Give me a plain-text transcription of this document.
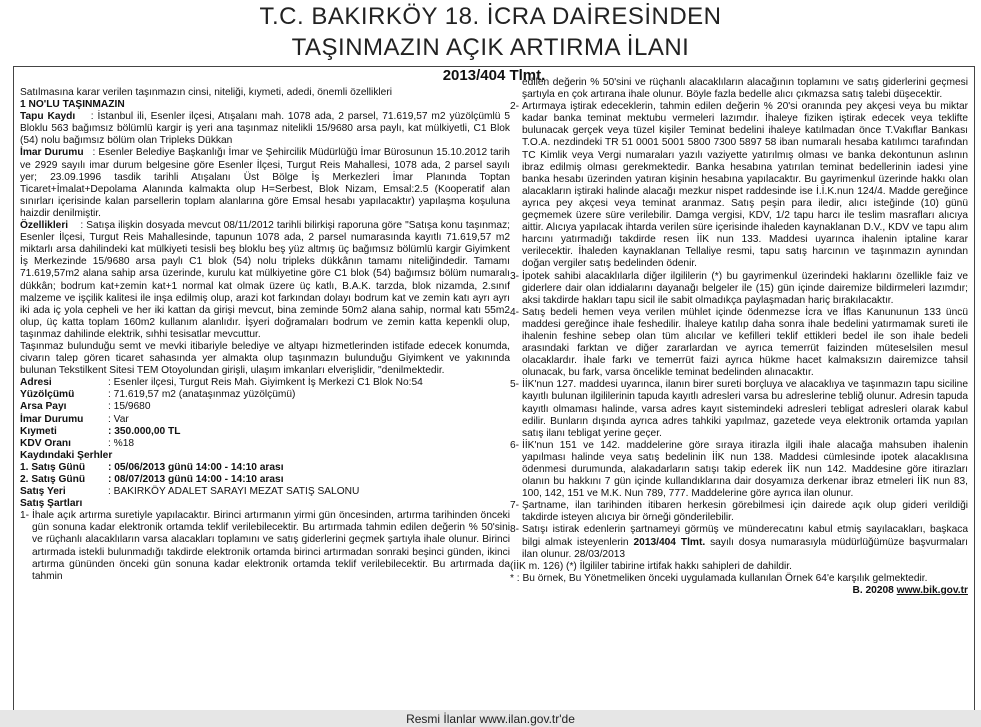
T.C. BAKIRKÖY 18. İCRA DAİRESİNDEN
TAŞINMAZIN AÇIK ARTIRMA İLANI
2013/404 Tlmt.

Satılmasına karar verilen taşınmazın cinsi, niteliği, kıymeti, adedi, önemli özellikleri

1 NO'LU TAŞINMAZIN

Tapu Kaydı : İstanbul ili, Esenler ilçesi, Atışalanı mah. 1078 ada, 2 parsel, 71.619,57 m2 yüzölçümlü 5 Bloklu 563 bağımsız bölümlü kargir iş yeri ana taşınmaz nitelikli 15/9680 arsa paylı, kat mülkiyetli, C1 Blok (54) nolu bağımsız bölüm olan Tripleks Dükkan

İmar Durumu : Esenler Belediye Başkanlığı İmar ve Şehircilik Müdürlüğü İmar Bürosunun 15.10.2012 tarih ve 2929 sayılı imar durum belgesine göre Esenler İlçesi, Turgut Reis Mahallesi, 1078 ada, 2 parsel sayılı yer; 23.09.1996 tasdik tarihli Atışalanı Üst Bölge İş Merkezleri İmar Planında Toptan Ticaret+İmalat+Depolama Alanında kalmakta olup H=Serbest, Blok Nizam, Emsal:2.5 (Kooperatif alan sınırları içerisinde kalan parsellerin toplam alanlarına göre Emsal hesabı yapılacaktır) yapılaşma koşuluna haizdir denilmiştir.

Özellikleri : Satışa ilişkin dosyada mevcut 08/11/2012 tarihli bilirkişi raporuna göre "Satışa konu taşınmaz; Esenler İlçesi, Turgut Reis Mahallesinde, tapunun 1078 ada, 2 parsel numarasında kayıtlı 71.619,57 m2 miktarlı arsa dahilindeki kat mülkiyeti tesisli beş bloklu beş yüz altmış üç bağımsız bölümlü kargir Giyimkent İş Merkezinde 15/9680 arsa paylı C1 blok (54) nolu tripleks dükkânın tamamı niteliğindedir. Tamamı 71.619,57m2 alana sahip arsa üzerinde, kurulu kat mülkiyetine göre C1 blok (54) bağımsız bölüm numaralı dükkân; bodrum kat+zemin kat+1 normal kat olmak üzere üç katlı, B.A.K. tarzda, blok nizamda, 2.sınıf malzeme ve işçilik kalitesi ile inşa edilmiş olup, arazi kot farkından dolayı bodrum kat ve zemin katı ayrı ayrı iki ada iç yola cepheli ve her iki kattan da girişi mevcut, bina zeminde 50m2 alana sahip, normal katı 55m2 olup, üç katta toplam 160m2 kullanım alanlıdır. İşyeri doğramaları bodrum ve zemin katta kepenkli olup, taşınmaz dahilinde elektrik, sıhhi tesisatlar mevcuttur.

Taşınmaz bulunduğu semt ve mevki itibariyle belediye ve altyapı hizmetlerinden istifade edecek konumda, civarın talep gören ticaret sahasında yer almakta olup taşınmazın bulunduğu Giyimkent ve yakınında bulunan Tekstilkent Sitesi TEM Otoyolundan girişli, ulaşım imkanları elverişlidir, "denilmektedir.

Adresi	: Esenler ilçesi, Turgut Reis Mah. Giyimkent İş Merkezi C1 Blok No:54
Yüzölçümü	: 71.619,57 m2 (anataşınmaz yüzölçümü)
Arsa Payı	: 15/9680
İmar Durumu	: Var
Kıymeti	: 350.000,00 TL
KDV Oranı	: %18

Kaydındaki Şerhler

1. Satış Günü	: 05/06/2013 günü 14:00 - 14:10 arası
2. Satış Günü	: 08/07/2013 günü 14:00 - 14:10 arası
Satış Yeri	: BAKIRKÖY ADALET SARAYI MEZAT SATIŞ SALONU

Satış Şartları

1- İhale açık artırma suretiyle yapılacaktır. Birinci artırmanın yirmi gün öncesinden, artırma tarihinden önceki gün sonuna kadar elektronik ortamda teklif verilebilecektir. Bu artırmada tahmin edilen değerin % 50'sini ve rüçhanlı alacaklıların varsa alacakları toplamını ve satış giderlerini geçmek şartıyla ihale olunur. Birinci artırmada istekli bulunmadığı takdirde elektronik ortamda birinci artırmadan sonraki beşinci günden, ikinci artırma gününden önceki gün sonuna kadar elektronik ortamda teklif verilebilecektir. Bu artırmada da tahmin

edilen değerin % 50'sini ve rüçhanlı alacaklıların alacağının toplamını ve satış giderlerini geçmesi şartıyla en çok artırana ihale olunur. Böyle fazla bedelle alıcı çıkmazsa satış talebi düşecektir.

2- Artırmaya iştirak edeceklerin, tahmin edilen değerin % 20'si oranında pey akçesi veya bu miktar kadar banka teminat mektubu vermeleri lazımdır. İhaleye fiziken iştirak edecek veya teklifte bulunacak gerçek veya tüzel kişiler Teminat bedelini ihaleye katılmadan önce T.Vakıflar Bankası T.O.A. nezdindeki TR 51 0001 5001 5800 7300 5897 58 iban numaralı hesaba katılımcı tarafından TC Kimlik veya Vergi numaraları yazılı vaziyette yatırılmış olması ve banka dekontunun aslının ibraz edilmiş olması gerekmektedir. Banka hesabına yatırılan teminat bedellerinin iadesi yine banka hesabı üzerinden yatıran kişinin hesabına yapılacaktır. Bu gayrimenkul üzerinde hakkı olan alacakların iştiraki halinde alacağı mezkur nispet raddesinde ise İ.İ.K.nun 124/4. Madde gereğince ayrıca pey akçesi veya teminat aranmaz. Satış peşin para iledir, alıcı isteğinde (10) günü geçmemek üzere süre verilebilir. Damga vergisi, KDV, 1/2 tapu harcı ile teslim masrafları alıcıya aittir. Alıcıya yapılacak ihtarda verilen süre içerisinde ihaleden kaynaklanan D.V., KDV ve tapu alım harcını yatırmadığı takdirde resen İİK nun 133. Maddesi uyarınca ihalenin iptaline karar verilecektir. İhaleden kaynaklanan Tellaliye resmi, tapu satış harcının ve taşınmazın aynından doğan vergiler satış bedelinden ödenir.
3- İpotek sahibi alacaklılarla diğer ilgililerin (*) bu gayrimenkul üzerindeki haklarını özellikle faiz ve giderlere dair olan iddialarını dayanağı belgeler ile (15) gün içinde dairemize bildirmeleri lazımdır; aksi takdirde hakları tapu sicil ile sabit olmadıkça paylaşmadan hariç bırakılacaktır.
4- Satış bedeli hemen veya verilen mühlet içinde ödenmezse İcra ve İflas Kanununun 133 üncü maddesi gereğince ihale feshedilir. İhaleye katılıp daha sonra ihale bedelini yatırmamak sureti ile ihalenin feshine sebep olan tüm alıcılar ve kefilleri teklif ettikleri bedel ile son ihale bedeli arasındaki farktan ve diğer zararlardan ve ayrıca temerrüt faizinden müteselsilen mesul olacaklardır. İhale farkı ve temerrüt faizi ayrıca hükme hacet kalmaksızın dairemizce tahsil olunacak, bu fark, varsa öncelikle teminat bedelinden alınacaktır.
5- İİK'nun 127. maddesi uyarınca, ilanın birer sureti borçluya ve alacaklıya ve taşınmazın tapu siciline kayıtlı bulunan ilgililerinin tapuda kayıtlı adresleri varsa bu adreslerine tebliğ olunur. Adresin tapuda kayıtlı olmaması halinde, varsa adres kayıt sistemindeki adresleri tebligat adresleri olarak kabul edilir. Bunların dışında ayrıca adres tahkiki yapılmaz, gazetede veya elektronik ortamda yapılan satış ilanı tebligat yerine geçer.
6- İİK'nun 151 ve 142. maddelerine göre sıraya itirazla ilgili ihale alacağa mahsuben ihalenin yapılması halinde veya satış bedelinin İİK nun 138. Maddesi cümlesinde ipotek alacaklısına ödenmesi durumunda, alakadarların satışı takip ederek İİK nun 142. Maddesine göre itirazları olanın bu hakkını 7 gün içinde kullandıklarına dair dosyamıza derkenar ibraz etmeleri İİK nun 83, 100, 142, 151 ve M.K. Nun 789, 777. Maddelerine göre ayrıca ilan olunur.
7- Şartname, ilan tarihinden itibaren herkesin görebilmesi için dairede açık olup gideri verildiği takdirde isteyen alıcıya bir örneği gönderilebilir.
8- Satışı istirak edenlerin şartnameyi görmüş ve münderecatını kabul etmiş sayılacakları, başkaca bilgi almak isteyenlerin 2013/404 Tlmt. sayılı dosya numarasıyla müdürlüğümüze başvurmaları ilan olunur. 28/03/2013

(İİK m. 126) (*) İlgililer tabirine irtifak hakkı sahipleri de dahildir.

* : Bu örnek, Bu Yönetmeliken önceki uygulamada kullanılan Örnek 64'e karşılık gelmektedir.

B. 20208 www.bik.gov.tr

Resmi İlanlar www.ilan.gov.tr'de
